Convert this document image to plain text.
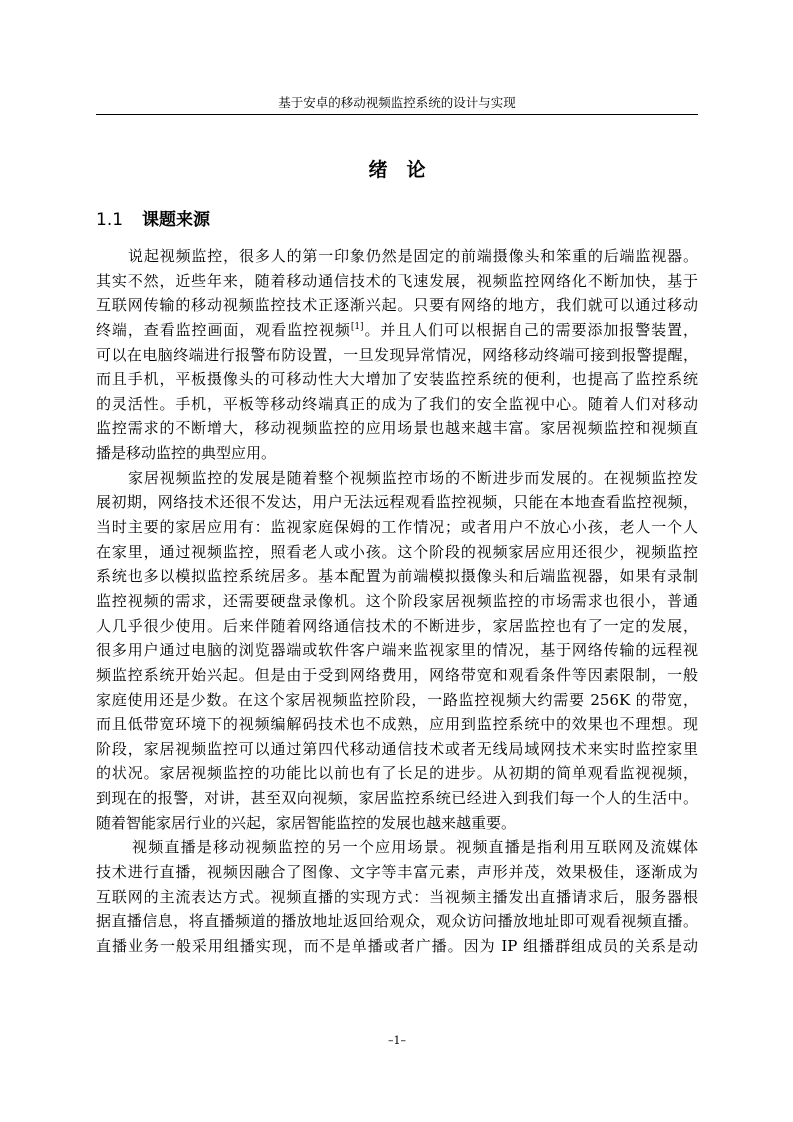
基于安卓的移动视频监控系统的设计与实现
绪论
1.1 课题来源
说起视频监控，很多人的第一印象仍然是固定的前端摄像头和笨重的后端监视器。
其实不然，近些年来，随着移动通信技术的飞速发展，视频监控网络化不断加快，基于
互联网传输的移动视频监控技术正逐渐兴起。只要有网络的地方，我们就可以通过移动
终端，查看监控画面，观看监控视频[1]。并且人们可以根据自己的需要添加报警装置，
可以在电脑终端进行报警布防设置，一旦发现异常情况，网络移动终端可接到报警提醒，
而且手机，平板摄像头的可移动性大大增加了安装监控系统的便利，也提高了监控系统
的灵活性。手机，平板等移动终端真正的成为了我们的安全监视中心。随着人们对移动
监控需求的不断增大，移动视频监控的应用场景也越来越丰富。家居视频监控和视频直
播是移动监控的典型应用。
家居视频监控的发展是随着整个视频监控市场的不断进步而发展的。在视频监控发
展初期，网络技术还很不发达，用户无法远程观看监控视频，只能在本地查看监控视频，
当时主要的家居应用有：监视家庭保姆的工作情况；或者用户不放心小孩，老人一个人
在家里，通过视频监控，照看老人或小孩。这个阶段的视频家居应用还很少，视频监控
系统也多以模拟监控系统居多。基本配置为前端模拟摄像头和后端监视器，如果有录制
监控视频的需求，还需要硬盘录像机。这个阶段家居视频监控的市场需求也很小，普通
人几乎很少使用。后来伴随着网络通信技术的不断进步，家居监控也有了一定的发展，
很多用户通过电脑的浏览器端或软件客户端来监视家里的情况，基于网络传输的远程视
频监控系统开始兴起。但是由于受到网络费用，网络带宽和观看条件等因素限制，一般
家庭使用还是少数。在这个家居视频监控阶段，一路监控视频大约需要 256K 的带宽，
而且低带宽环境下的视频编解码技术也不成熟，应用到监控系统中的效果也不理想。现
阶段，家居视频监控可以通过第四代移动通信技术或者无线局域网技术来实时监控家里
的状况。家居视频监控的功能比以前也有了长足的进步。从初期的简单观看监视视频，
到现在的报警，对讲，甚至双向视频，家居监控系统已经进入到我们每一个人的生活中。
随着智能家居行业的兴起，家居智能监控的发展也越来越重要。
视频直播是移动视频监控的另一个应用场景。视频直播是指利用互联网及流媒体
技术进行直播，视频因融合了图像、文字等丰富元素，声形并茂，效果极佳，逐渐成为
互联网的主流表达方式。视频直播的实现方式：当视频主播发出直播请求后，服务器根
据直播信息，将直播频道的播放地址返回给观众，观众访问播放地址即可观看视频直播。
直播业务一般采用组播实现，而不是单播或者广播。因为 IP 组播群组成员的关系是动
–1–
